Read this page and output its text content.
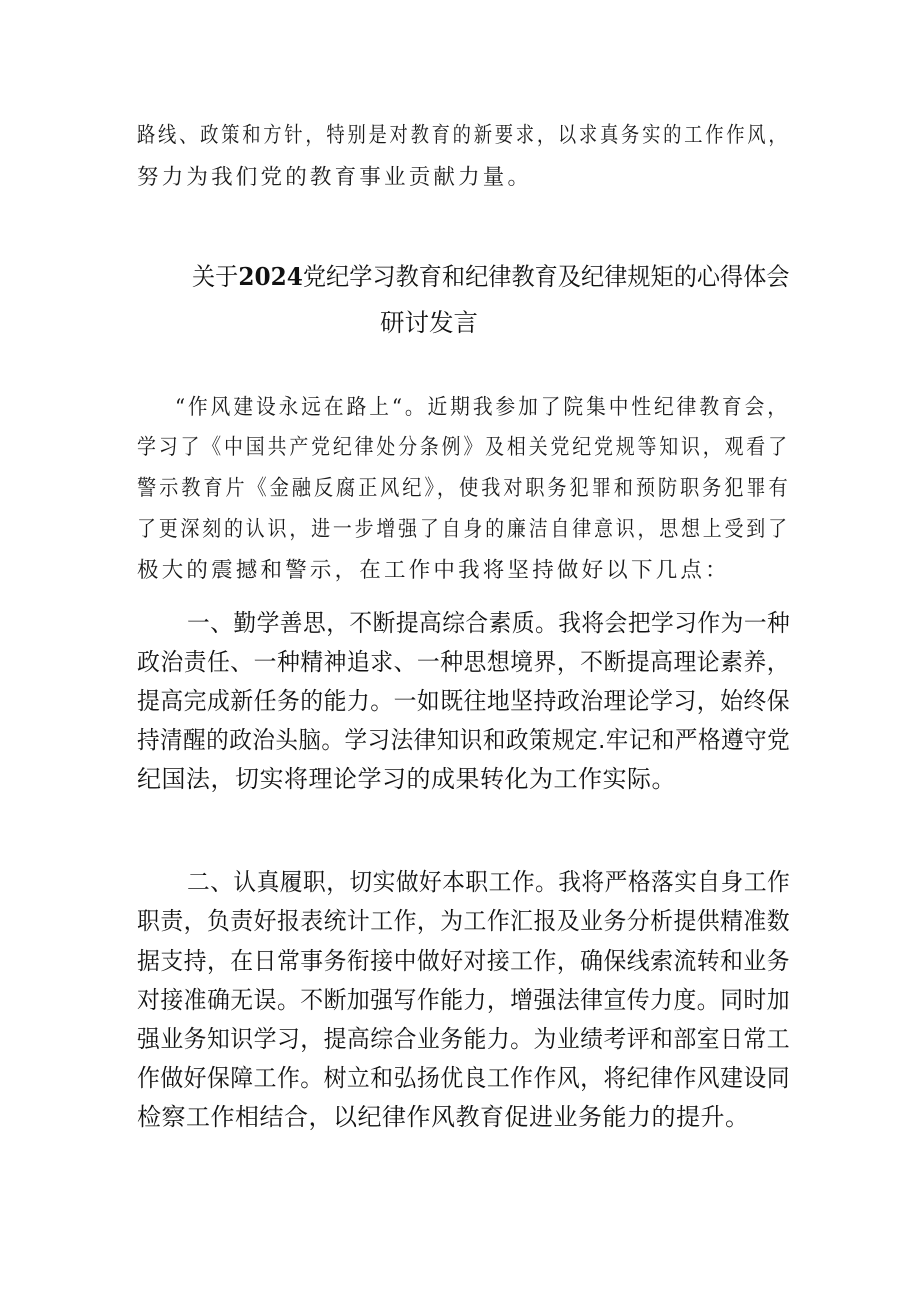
路线、政策和方针，特别是对教育的新要求，以求真务实的工作作风，
努力为我们党的教育事业贡献力量。
关于2024党纪学习教育和纪律教育及纪律规矩的心得体会
研讨发言
“作风建设永远在路上“。近期我参加了院集中性纪律教育会，
学习了《中国共产党纪律处分条例》及相关党纪党规等知识，观看了
警示教育片《金融反腐正风纪》，使我对职务犯罪和预防职务犯罪有
了更深刻的认识，进一步增强了自身的廉洁自律意识，思想上受到了
极大的震撼和警示，在工作中我将坚持做好以下几点：
一、勤学善思，不断提高综合素质。我将会把学习作为一种
政治责任、一种精神追求、一种思想境界，不断提高理论素养，
提高完成新任务的能力。一如既往地坚持政治理论学习，始终保
持清醒的政治头脑。学习法律知识和政策规定.牢记和严格遵守党
纪国法，切实将理论学习的成果转化为工作实际。
二、认真履职，切实做好本职工作。我将严格落实自身工作
职责，负责好报表统计工作，为工作汇报及业务分析提供精准数
据支持，在日常事务衔接中做好对接工作，确保线索流转和业务
对接准确无误。不断加强写作能力，增强法律宣传力度。同时加
强业务知识学习，提高综合业务能力。为业绩考评和部室日常工
作做好保障工作。树立和弘扬优良工作作风，将纪律作风建设同
检察工作相结合，以纪律作风教育促进业务能力的提升。
